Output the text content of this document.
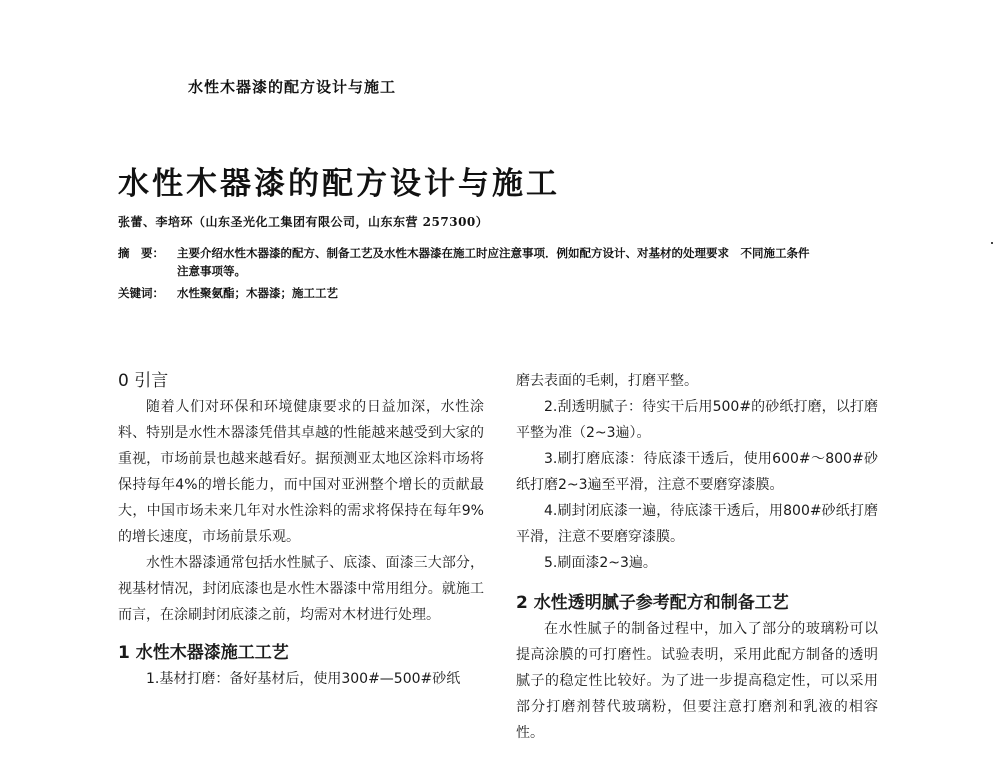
水性木器漆的配方设计与施工
水性木器漆的配方设计与施工
张蕾、李培环（山东圣光化工集团有限公司，山东东营 257300）
摘　要： 主要介绍水性木器漆的配方、制备工艺及水性木器漆在施工时应注意事项．例如配方设计、对基材的处理要求　不同施工条件注意事项等。
关键词： 水性聚氨酯；木器漆；施工工艺
0 引言

随着人们对环保和环境健康要求的日益加深，水性涂料、特别是水性木器漆凭借其卓越的性能越来越受到大家的重视，市场前景也越来越看好。据预测亚太地区涂料市场将保持每年4%的增长能力，而中国对亚洲整个增长的贡献最大，中国市场未来几年对水性涂料的需求将保持在每年9%的增长速度，市场前景乐观。

水性木器漆通常包括水性腻子、底漆、面漆三大部分，视基材情况，封闭底漆也是水性木器漆中常用组分。就施工而言，在涂刷封闭底漆之前，均需对木材进行处理。

1 水性木器漆施工工艺

1.基材打磨：备好基材后，使用300#—500#砂纸

磨去表面的毛刺，打磨平整。

2.刮透明腻子：待实干后用500#的砂纸打磨，以打磨平整为准（2~3遍）。

3.刷打磨底漆：待底漆干透后，使用600#～800#砂纸打磨2~3遍至平滑，注意不要磨穿漆膜。

4.刷封闭底漆一遍，待底漆干透后，用800#砂纸打磨平滑，注意不要磨穿漆膜。

5.刷面漆2~3遍。

2 水性透明腻子参考配方和制备工艺

在水性腻子的制备过程中，加入了部分的玻璃粉可以提高涂膜的可打磨性。试验表明，采用此配方制备的透明腻子的稳定性比较好。为了进一步提高稳定性，可以采用部分打磨剂替代玻璃粉，但要注意打磨剂和乳液的相容性。
